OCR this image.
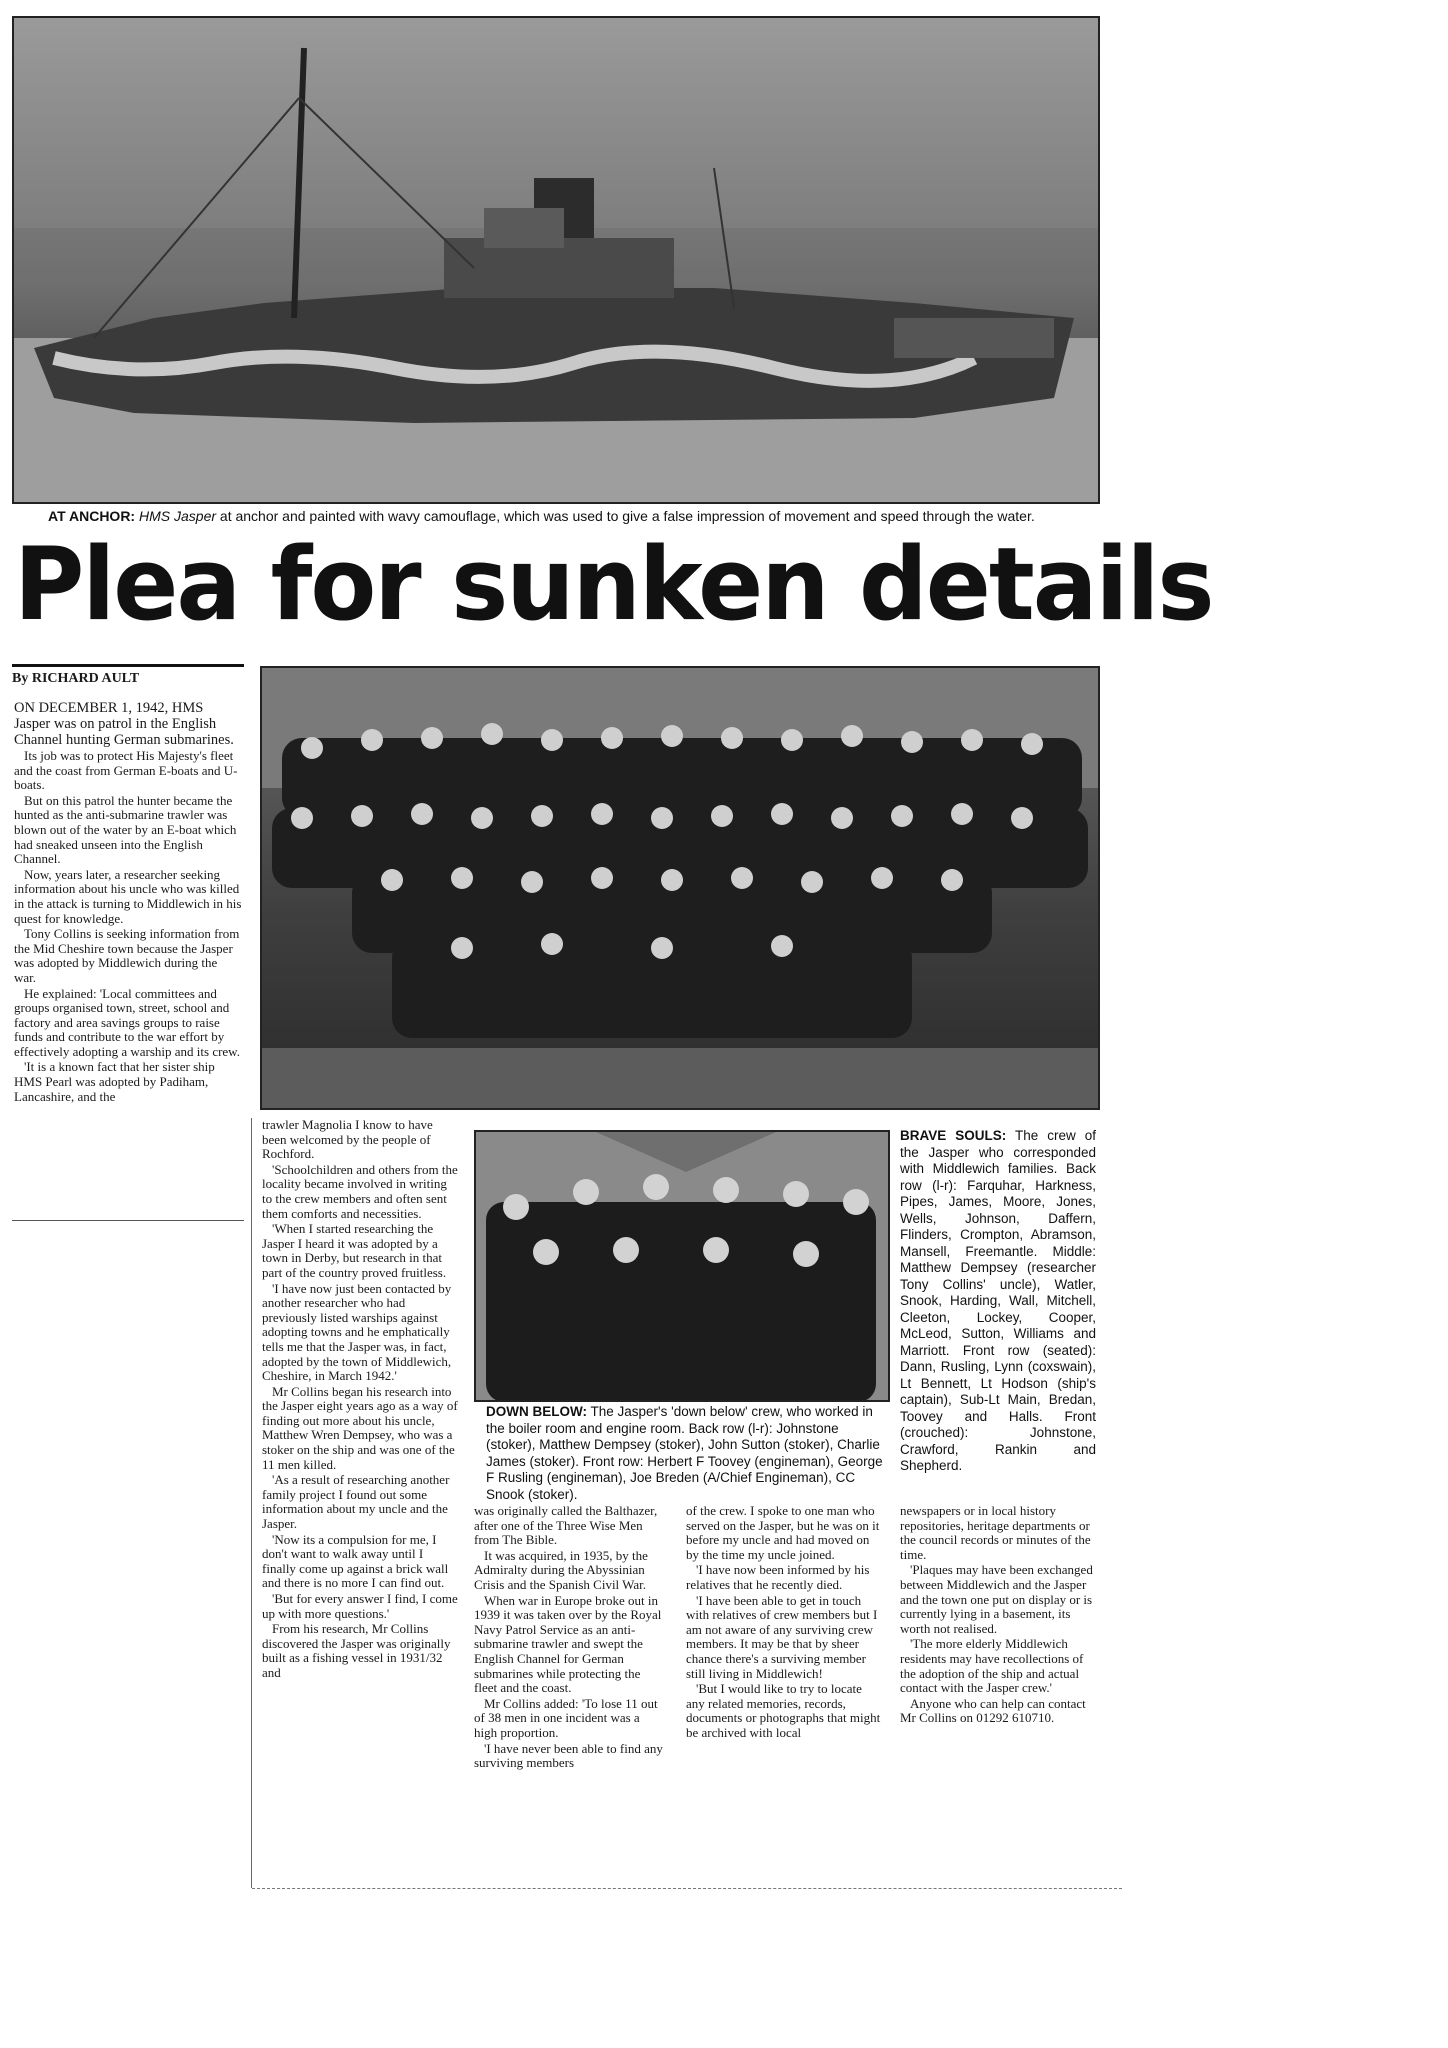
AT ANCHOR: HMS Jasper at anchor and painted with wavy camouflage, which was used to give a false impression of movement and speed through the water.
Plea for sunken details
By RICHARD AULT

ON DECEMBER 1, 1942, HMS Jasper was on patrol in the English Channel hunting German submarines.

Its job was to protect His Majesty's fleet and the coast from German E-boats and U-boats.

But on this patrol the hunter became the hunted as the anti-submarine trawler was blown out of the water by an E-boat which had sneaked unseen into the English Channel.

Now, years later, a researcher seeking information about his uncle who was killed in the attack is turning to Middlewich in his quest for knowledge.

Tony Collins is seeking information from the Mid Cheshire town because the Jasper was adopted by Middlewich during the war.

He explained: 'Local committees and groups organised town, street, school and factory and area savings groups to raise funds and contribute to the war effort by effectively adopting a warship and its crew.

'It is a known fact that her sister ship HMS Pearl was adopted by Padiham, Lancashire, and the

trawler Magnolia I know to have been welcomed by the people of Rochford.

'Schoolchildren and others from the locality became involved in writing to the crew members and often sent them comforts and necessities.

'When I started researching the Jasper I heard it was adopted by a town in Derby, but research in that part of the country proved fruitless.

'I have now just been contacted by another researcher who had previously listed warships against adopting towns and he emphatically tells me that the Jasper was, in fact, adopted by the town of Middlewich, Cheshire, in March 1942.'

Mr Collins began his research into the Jasper eight years ago as a way of finding out more about his uncle, Matthew Wren Dempsey, who was a stoker on the ship and was one of the 11 men killed.

'As a result of researching another family project I found out some information about my uncle and the Jasper.

'Now its a compulsion for me, I don't want to walk away until I finally come up against a brick wall and there is no more I can find out.

'But for every answer I find, I come up with more questions.'

From his research, Mr Collins discovered the Jasper was originally built as a fishing vessel in 1931/32 and

DOWN BELOW: The Jasper's 'down below' crew, who worked in the boiler room and engine room. Back row (l-r): Johnstone (stoker), Matthew Dempsey (stoker), John Sutton (stoker), Charlie James (stoker). Front row: Herbert F Toovey (engineman), George F Rusling (engineman), Joe Breden (A/Chief Engineman), CC Snook (stoker).
BRAVE SOULS: The crew of the Jasper who corresponded with Middlewich families. Back row (l-r): Farquhar, Harkness, Pipes, James, Moore, Jones, Wells, Johnson, Daffern, Flinders, Crompton, Abramson, Mansell, Freemantle. Middle: Matthew Dempsey (researcher Tony Collins' uncle), Watler, Snook, Harding, Wall, Mitchell, Cleeton, Lockey, Cooper, McLeod, Sutton, Williams and Marriott. Front row (seated): Dann, Rusling, Lynn (coxswain), Lt Bennett, Lt Hodson (ship's captain), Sub-Lt Main, Bredan, Toovey and Halls. Front (crouched): Johnstone, Crawford, Rankin and Shepherd.

was originally called the Balthazer, after one of the Three Wise Men from The Bible.

It was acquired, in 1935, by the Admiralty during the Abyssinian Crisis and the Spanish Civil War.

When war in Europe broke out in 1939 it was taken over by the Royal Navy Patrol Service as an anti-submarine trawler and swept the English Channel for German submarines while protecting the fleet and the coast.

Mr Collins added: 'To lose 11 out of 38 men in one incident was a high proportion.

'I have never been able to find any surviving members

of the crew. I spoke to one man who served on the Jasper, but he was on it before my uncle and had moved on by the time my uncle joined.

'I have now been informed by his relatives that he recently died.

'I have been able to get in touch with relatives of crew members but I am not aware of any surviving crew members. It may be that by sheer chance there's a surviving member still living in Middlewich!

'But I would like to try to locate any related memories, records, documents or photographs that might be archived with local

newspapers or in local history repositories, heritage departments or the council records or minutes of the time.

'Plaques may have been exchanged between Middlewich and the Jasper and the town one put on display or is currently lying in a basement, its worth not realised.

'The more elderly Middlewich residents may have recollections of the adoption of the ship and actual contact with the Jasper crew.'

Anyone who can help can contact Mr Collins on 01292 610710.
